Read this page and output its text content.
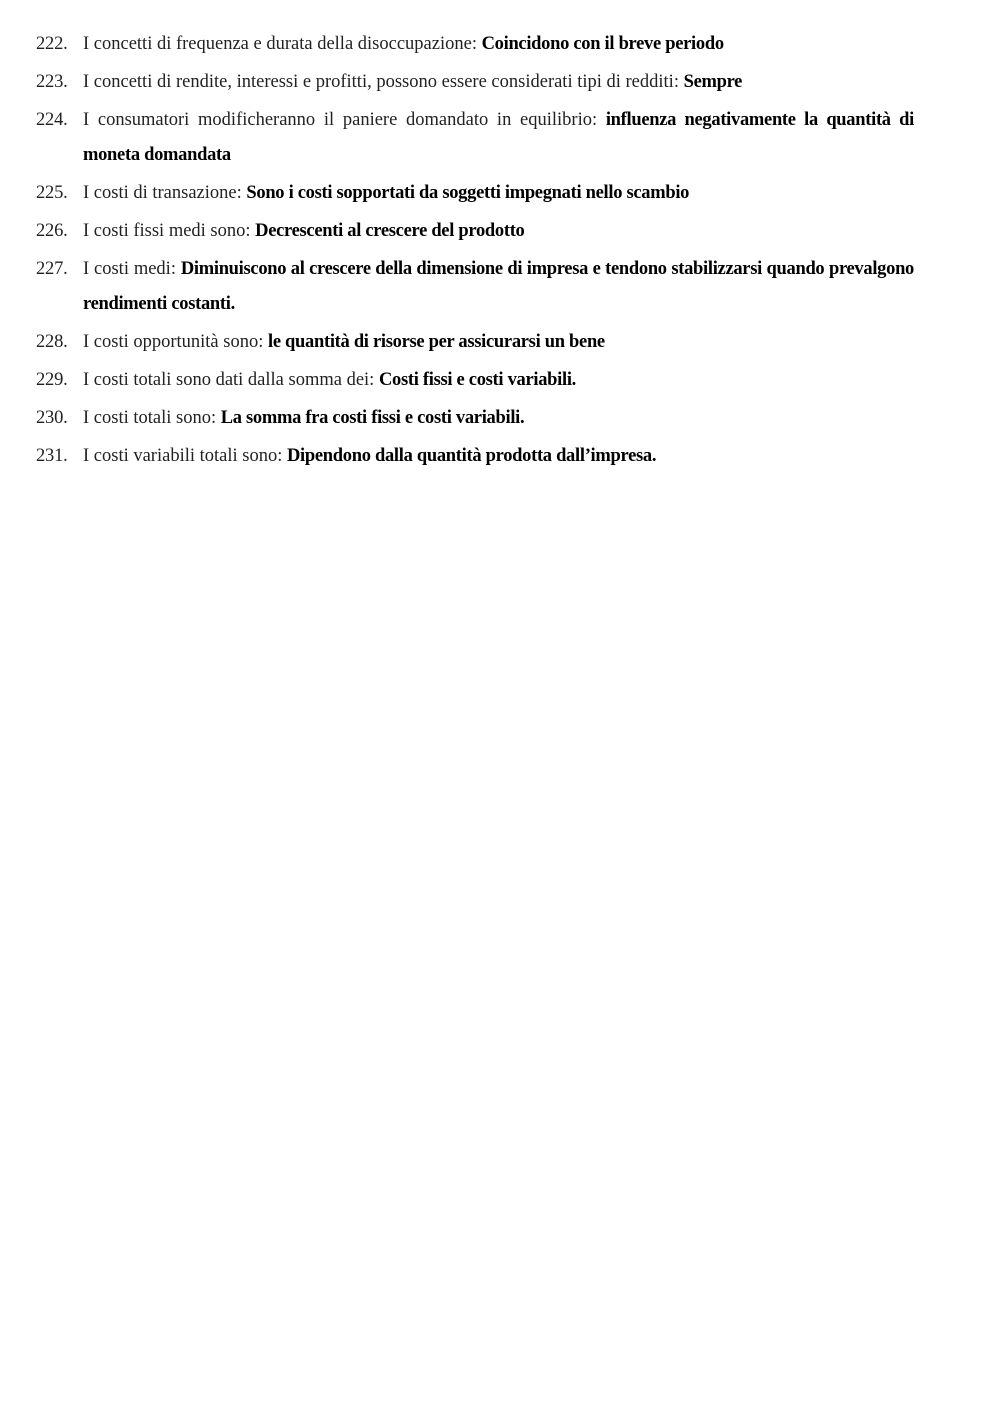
222. I concetti di frequenza e durata della disoccupazione: Coincidono con il breve periodo
223. I concetti di rendite, interessi e profitti, possono essere considerati tipi di redditi: Sempre
224. I consumatori modificheranno il paniere domandato in equilibrio: influenza negativamente la quantità di moneta domandata
225. I costi di transazione: Sono i costi sopportati da soggetti impegnati nello scambio
226. I costi fissi medi sono: Decrescenti al crescere del prodotto
227. I costi medi: Diminuiscono al crescere della dimensione di impresa e tendono stabilizzarsi quando prevalgono rendimenti costanti.
228. I costi opportunità sono: le quantità di risorse per assicurarsi un bene
229. I costi totali sono dati dalla somma dei: Costi fissi e costi variabili.
230. I costi totali sono: La somma fra costi fissi e costi variabili.
231. I costi variabili totali sono: Dipendono dalla quantità prodotta dall’impresa.
